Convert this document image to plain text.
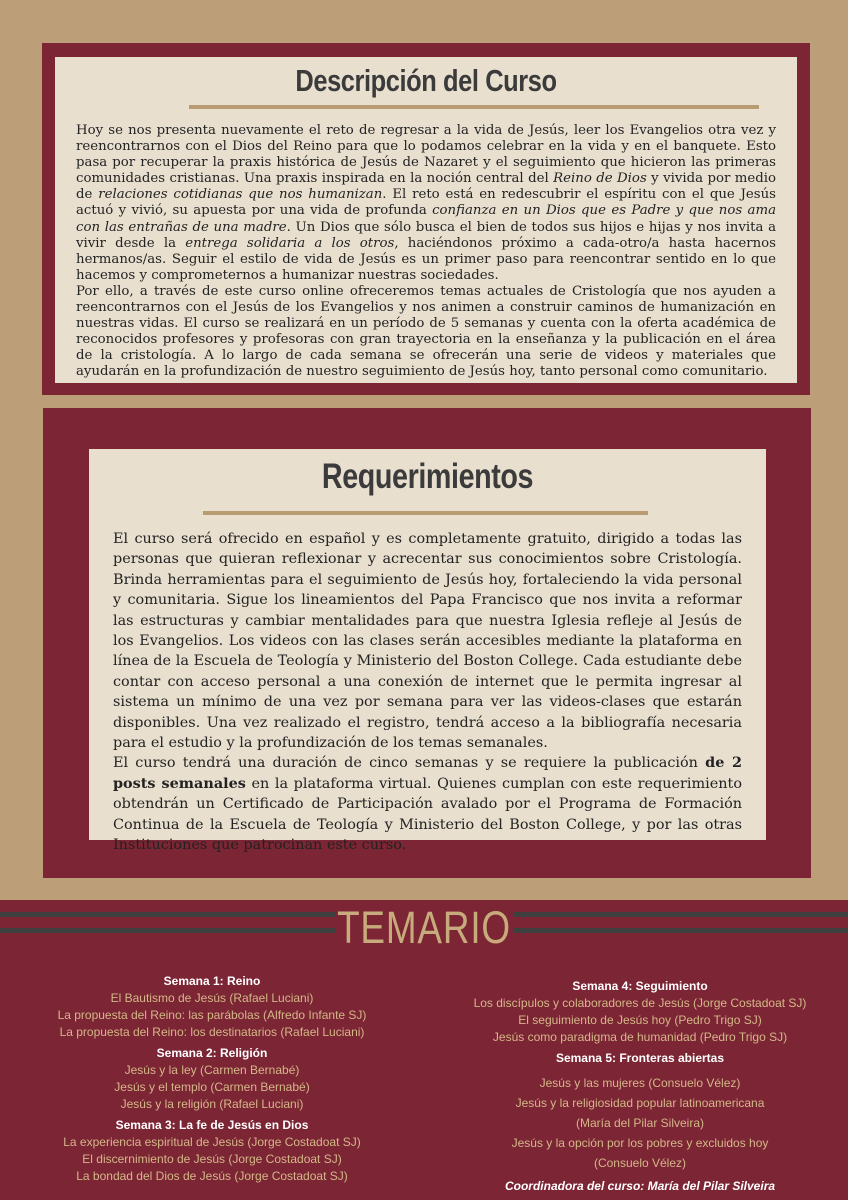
Descripción del Curso

Hoy se nos presenta nuevamente el reto de regresar a la vida de Jesús, leer los Evangelios otra vez y reencontrarnos con el Dios del Reino para que lo podamos celebrar en la vida y en el banquete. Esto pasa por recuperar la praxis histórica de Jesús de Nazaret y el seguimiento que hicieron las primeras comunidades cristianas. Una praxis inspirada en la noción central del Reino de Dios y vivida por medio de relaciones cotidianas que nos humanizan. El reto está en redescubrir el espíritu con el que Jesús actuó y vivió, su apuesta por una vida de profunda confianza en un Dios que es Padre y que nos ama con las entrañas de una madre. Un Dios que sólo busca el bien de todos sus hijos e hijas y nos invita a vivir desde la entrega solidaria a los otros, haciéndonos próximo a cada-otro/a hasta hacernos hermanos/as. Seguir el estilo de vida de Jesús es un primer paso para reencontrar sentido en lo que hacemos y comprometernos a humanizar nuestras sociedades.

Por ello, a través de este curso online ofreceremos temas actuales de Cristología que nos ayuden a reencontrarnos con el Jesús de los Evangelios y nos animen a construir caminos de humanización en nuestras vidas. El curso se realizará en un período de 5 semanas y cuenta con la oferta académica de reconocidos profesores y profesoras con gran trayectoria en la enseñanza y la publicación en el área de la cristología. A lo largo de cada semana se ofrecerán una serie de videos y materiales que ayudarán en la profundización de nuestro seguimiento de Jesús hoy, tanto personal como comunitario.

Requerimientos

El curso será ofrecido en español y es completamente gratuito, dirigido a todas las personas que quieran reflexionar y acrecentar sus conocimientos sobre Cristología. Brinda herramientas para el seguimiento de Jesús hoy, fortaleciendo la vida personal y comunitaria. Sigue los lineamientos del Papa Francisco que nos invita a reformar las estructuras y cambiar mentalidades para que nuestra Iglesia refleje al Jesús de los Evangelios. Los videos con las clases serán accesibles mediante la plataforma en línea de la Escuela de Teología y Ministerio del Boston College. Cada estudiante debe contar con acceso personal a una conexión de internet que le permita ingresar al sistema un mínimo de una vez por semana para ver las videos-clases que estarán disponibles. Una vez realizado el registro, tendrá acceso a la bibliografía necesaria para el estudio y la profundización de los temas semanales.

El curso tendrá una duración de cinco semanas y se requiere la publicación de 2 posts semanales en la plataforma virtual. Quienes cumplan con este requerimiento obtendrán un Certificado de Participación avalado por el Programa de Formación Continua de la Escuela de Teología y Ministerio del Boston College, y por las otras Instituciones que patrocinan este curso.

TEMARIO
Semana 1: Reino
El Bautismo de Jesús (Rafael Luciani)
La propuesta del Reino: las parábolas (Alfredo Infante SJ)
La propuesta del Reino: los destinatarios (Rafael Luciani)
Semana 2: Religión
Jesús y la ley (Carmen Bernabé)
Jesús y el templo (Carmen Bernabé)
Jesús y la religión (Rafael Luciani)
Semana 3: La fe de Jesús en Dios
La experiencia espiritual de Jesús (Jorge Costadoat SJ)
El discernimiento de Jesús (Jorge Costadoat SJ)
La bondad del Dios de Jesús (Jorge Costadoat SJ)
Semana 4: Seguimiento
Los discípulos y colaboradores de Jesús (Jorge Costadoat SJ)
El seguimiento de Jesús hoy (Pedro Trigo SJ)
Jesús como paradigma de humanidad (Pedro Trigo SJ)
Semana 5: Fronteras abiertas
Jesús y las mujeres (Consuelo Vélez)
Jesús y la religiosidad popular latinoamericana
(María del Pilar Silveira)
Jesús y la opción por los pobres y excluidos hoy
(Consuelo Vélez)
Coordinadora del curso: María del Pilar Silveira
